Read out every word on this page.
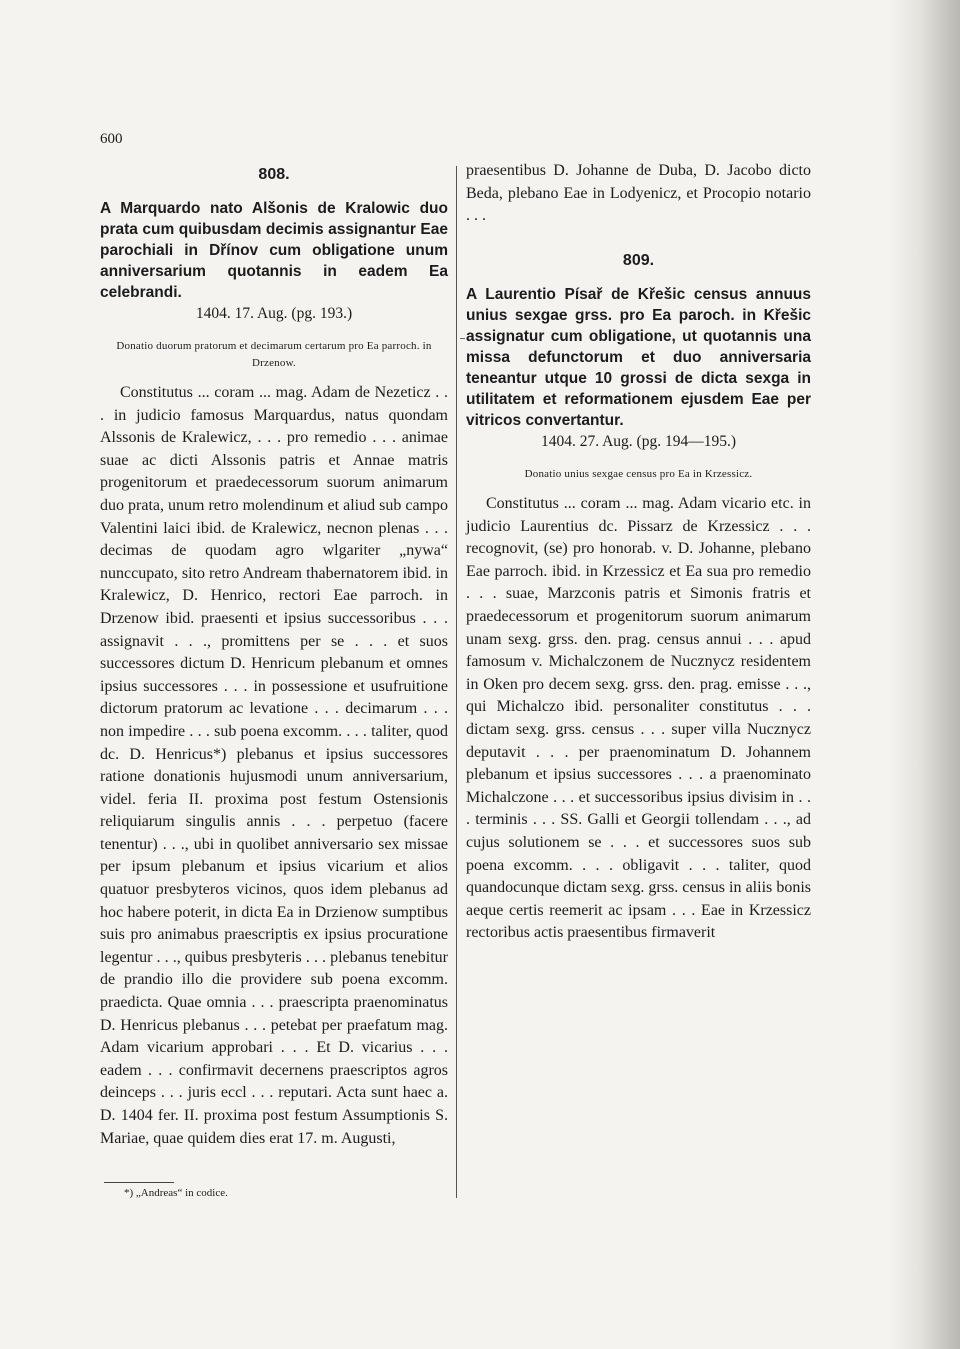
600
808.

A Marquardo nato Alšonis de Kralowic duo prata cum quibusdam decimis assignantur Eae parochiali in Dřínov cum obligatione unum anniversarium quotannis in eadem Ea celebrandi.

1404. 17. Aug. (pg. 193.)

Donatio duorum pratorum et decimarum certarum pro Ea parroch. in Drzenow.

Constitutus ... coram ... mag. Adam de Nezeticz . . . in judicio famosus Marquardus, natus quondam Alssonis de Kralewicz, . . . pro remedio . . . animae suae ac dicti Alssonis patris et Annae matris progenitorum et praedecessorum suorum animarum duo prata, unum retro molendinum et aliud sub campo Valentini laici ibid. de Kralewicz, necnon plenas . . . decimas de quodam agro wlgariter „nywa“ nunccupato, sito retro Andream thabernatorem ibid. in Kralewicz, D. Henrico, rectori Eae parroch. in Drzenow ibid. praesenti et ipsius successoribus . . . assignavit . . ., promittens per se . . . et suos successores dictum D. Henricum plebanum et omnes ipsius successores . . . in possessione et usufruitione dictorum pratorum ac levatione . . . decimarum . . . non impedire . . . sub poena excomm. . . . taliter, quod dc. D. Henricus*) plebanus et ipsius successores ratione donationis hujusmodi unum anniversarium, videl. feria II. proxima post festum Ostensionis reliquiarum singulis annis . . . perpetuo (facere tenentur) . . ., ubi in quolibet anniversario sex missae per ipsum plebanum et ipsius vicarium et alios quatuor presbyteros vicinos, quos idem plebanus ad hoc habere poterit, in dicta Ea in Drzienow sumptibus suis pro animabus praescriptis ex ipsius procuratione legentur . . ., quibus presbyteris . . . plebanus tenebitur de prandio illo die providere sub poena excomm. praedicta. Quae omnia . . . praescripta praenominatus D. Henricus plebanus . . . petebat per praefatum mag. Adam vicarium approbari . . . Et D. vicarius . . . eadem . . . confirmavit decernens praescriptos agros deinceps . . . juris eccl . . . reputari. Acta sunt haec a. D. 1404 fer. II. proxima post festum Assumptionis S. Mariae, quae quidem dies erat 17. m. Augusti,

809.

A Laurentio Písař de Křešic census annuus unius sexgae grss. pro Ea paroch. in Křešic assignatur cum obligatione, ut quotannis una missa defunctorum et duo anniversaria teneantur utque 10 grossi de dicta sexga in utilitatem et reformationem ejusdem Eae per vitricos convertantur.

1404. 27. Aug. (pg. 194—195.)

Donatio unius sexgae census pro Ea in Krzessicz.

Constitutus ... coram ... mag. Adam vicario etc. in judicio Laurentius dc. Pissarz de Krzessicz . . . recognovit, (se) pro honorab. v. D. Johanne, plebano Eae parroch. ibid. in Krzessicz et Ea sua pro remedio . . . suae, Marzconis patris et Simonis fratris et praedecessorum et progenitorum suorum animarum unam sexg. grss. den. prag. census annui . . . apud famosum v. Michalczonem de Nucznycz residentem in Oken pro decem sexg. grss. den. prag. emisse . . ., qui Michalczo ibid. personaliter constitutus . . . dictam sexg. grss. census . . . super villa Nucznycz deputavit . . . per praenominatum D. Johannem plebanum et ipsius successores . . . a praenominato Michalczone . . . et successoribus ipsius divisim in . . . terminis . . . SS. Galli et Georgii tollendam . . ., ad cujus solutionem se . . . et successores suos sub poena excomm. . . . obligavit . . . taliter, quod quandocunque dictam sexg. grss. census in aliis bonis aeque certis reemerit ac ipsam . . . Eae in Krzessicz rectoribus actis praesentibus firmaverit

*) „Andreas“ in codice.

praesentibus D. Johanne de Duba, D. Jacobo dicto Beda, plebano Eae in Lodyenicz, et Procopio notario . . .
